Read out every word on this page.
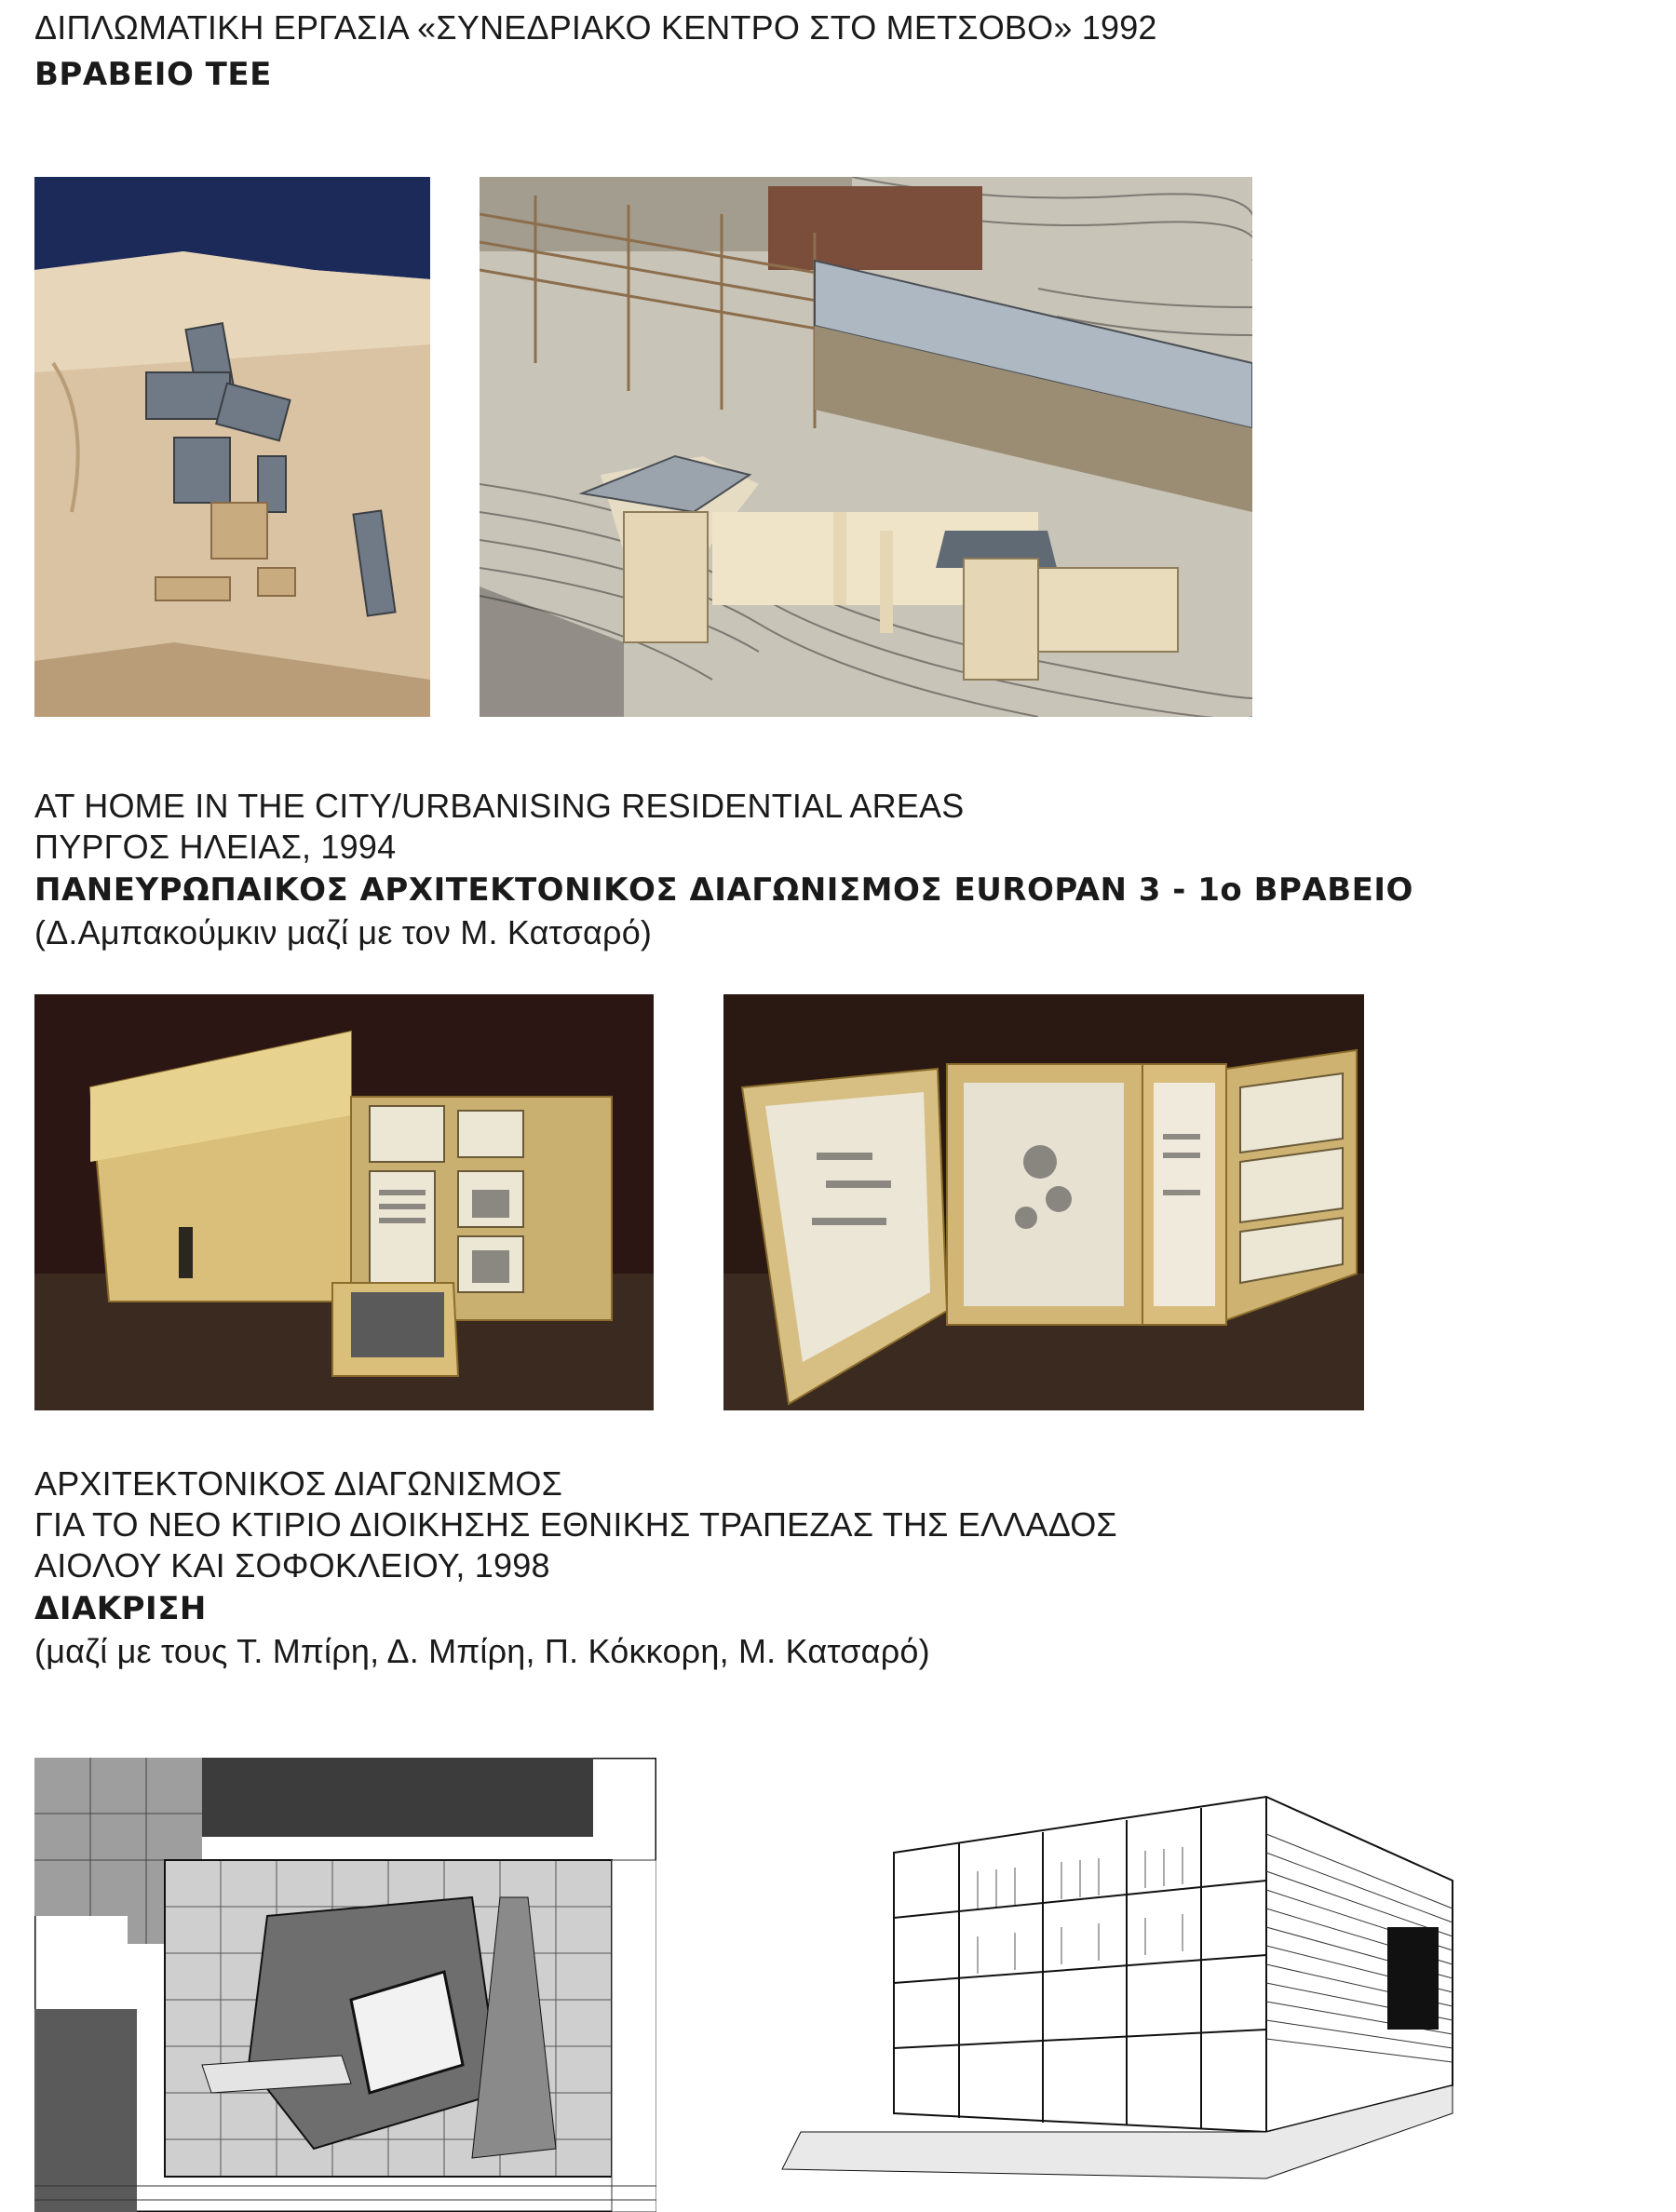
ΔΙΠΛΩΜΑΤΙΚΗ ΕΡΓΑΣΙΑ «ΣΥΝΕΔΡΙΑΚΟ ΚΕΝΤΡΟ ΣΤΟ ΜΕΤΣΟΒΟ» 1992
ΒΡΑΒΕΙΟ ΤΕΕ
AT HOME IN THE CITY/URBANISING RESIDENTIAL AREAS
ΠΥΡΓΟΣ ΗΛΕΙΑΣ, 1994
ΠΑΝΕΥΡΩΠΑΙΚΟΣ ΑΡΧΙΤΕΚΤΟΝΙΚΟΣ ΔΙΑΓΩΝΙΣΜΟΣ EUROPAN 3 - 1ο ΒΡΑΒΕΙΟ
(Δ.Αμπακούμκιν μαζί με τον Μ. Κατσαρό)
ΑΡΧΙΤΕΚΤΟΝΙΚΟΣ ΔΙΑΓΩΝΙΣΜΟΣ
ΓΙΑ ΤΟ ΝΕΟ ΚΤΙΡΙΟ ΔΙΟΙΚΗΣΗΣ ΕΘΝΙΚΗΣ ΤΡΑΠΕΖΑΣ ΤΗΣ ΕΛΛΑΔΟΣ
ΑΙΟΛΟΥ ΚΑΙ ΣΟΦΟΚΛΕΙΟΥ, 1998
ΔΙΑΚΡΙΣΗ
(μαζί με τους Τ. Μπίρη, Δ. Μπίρη, Π. Κόκκορη, Μ. Κατσαρό)
